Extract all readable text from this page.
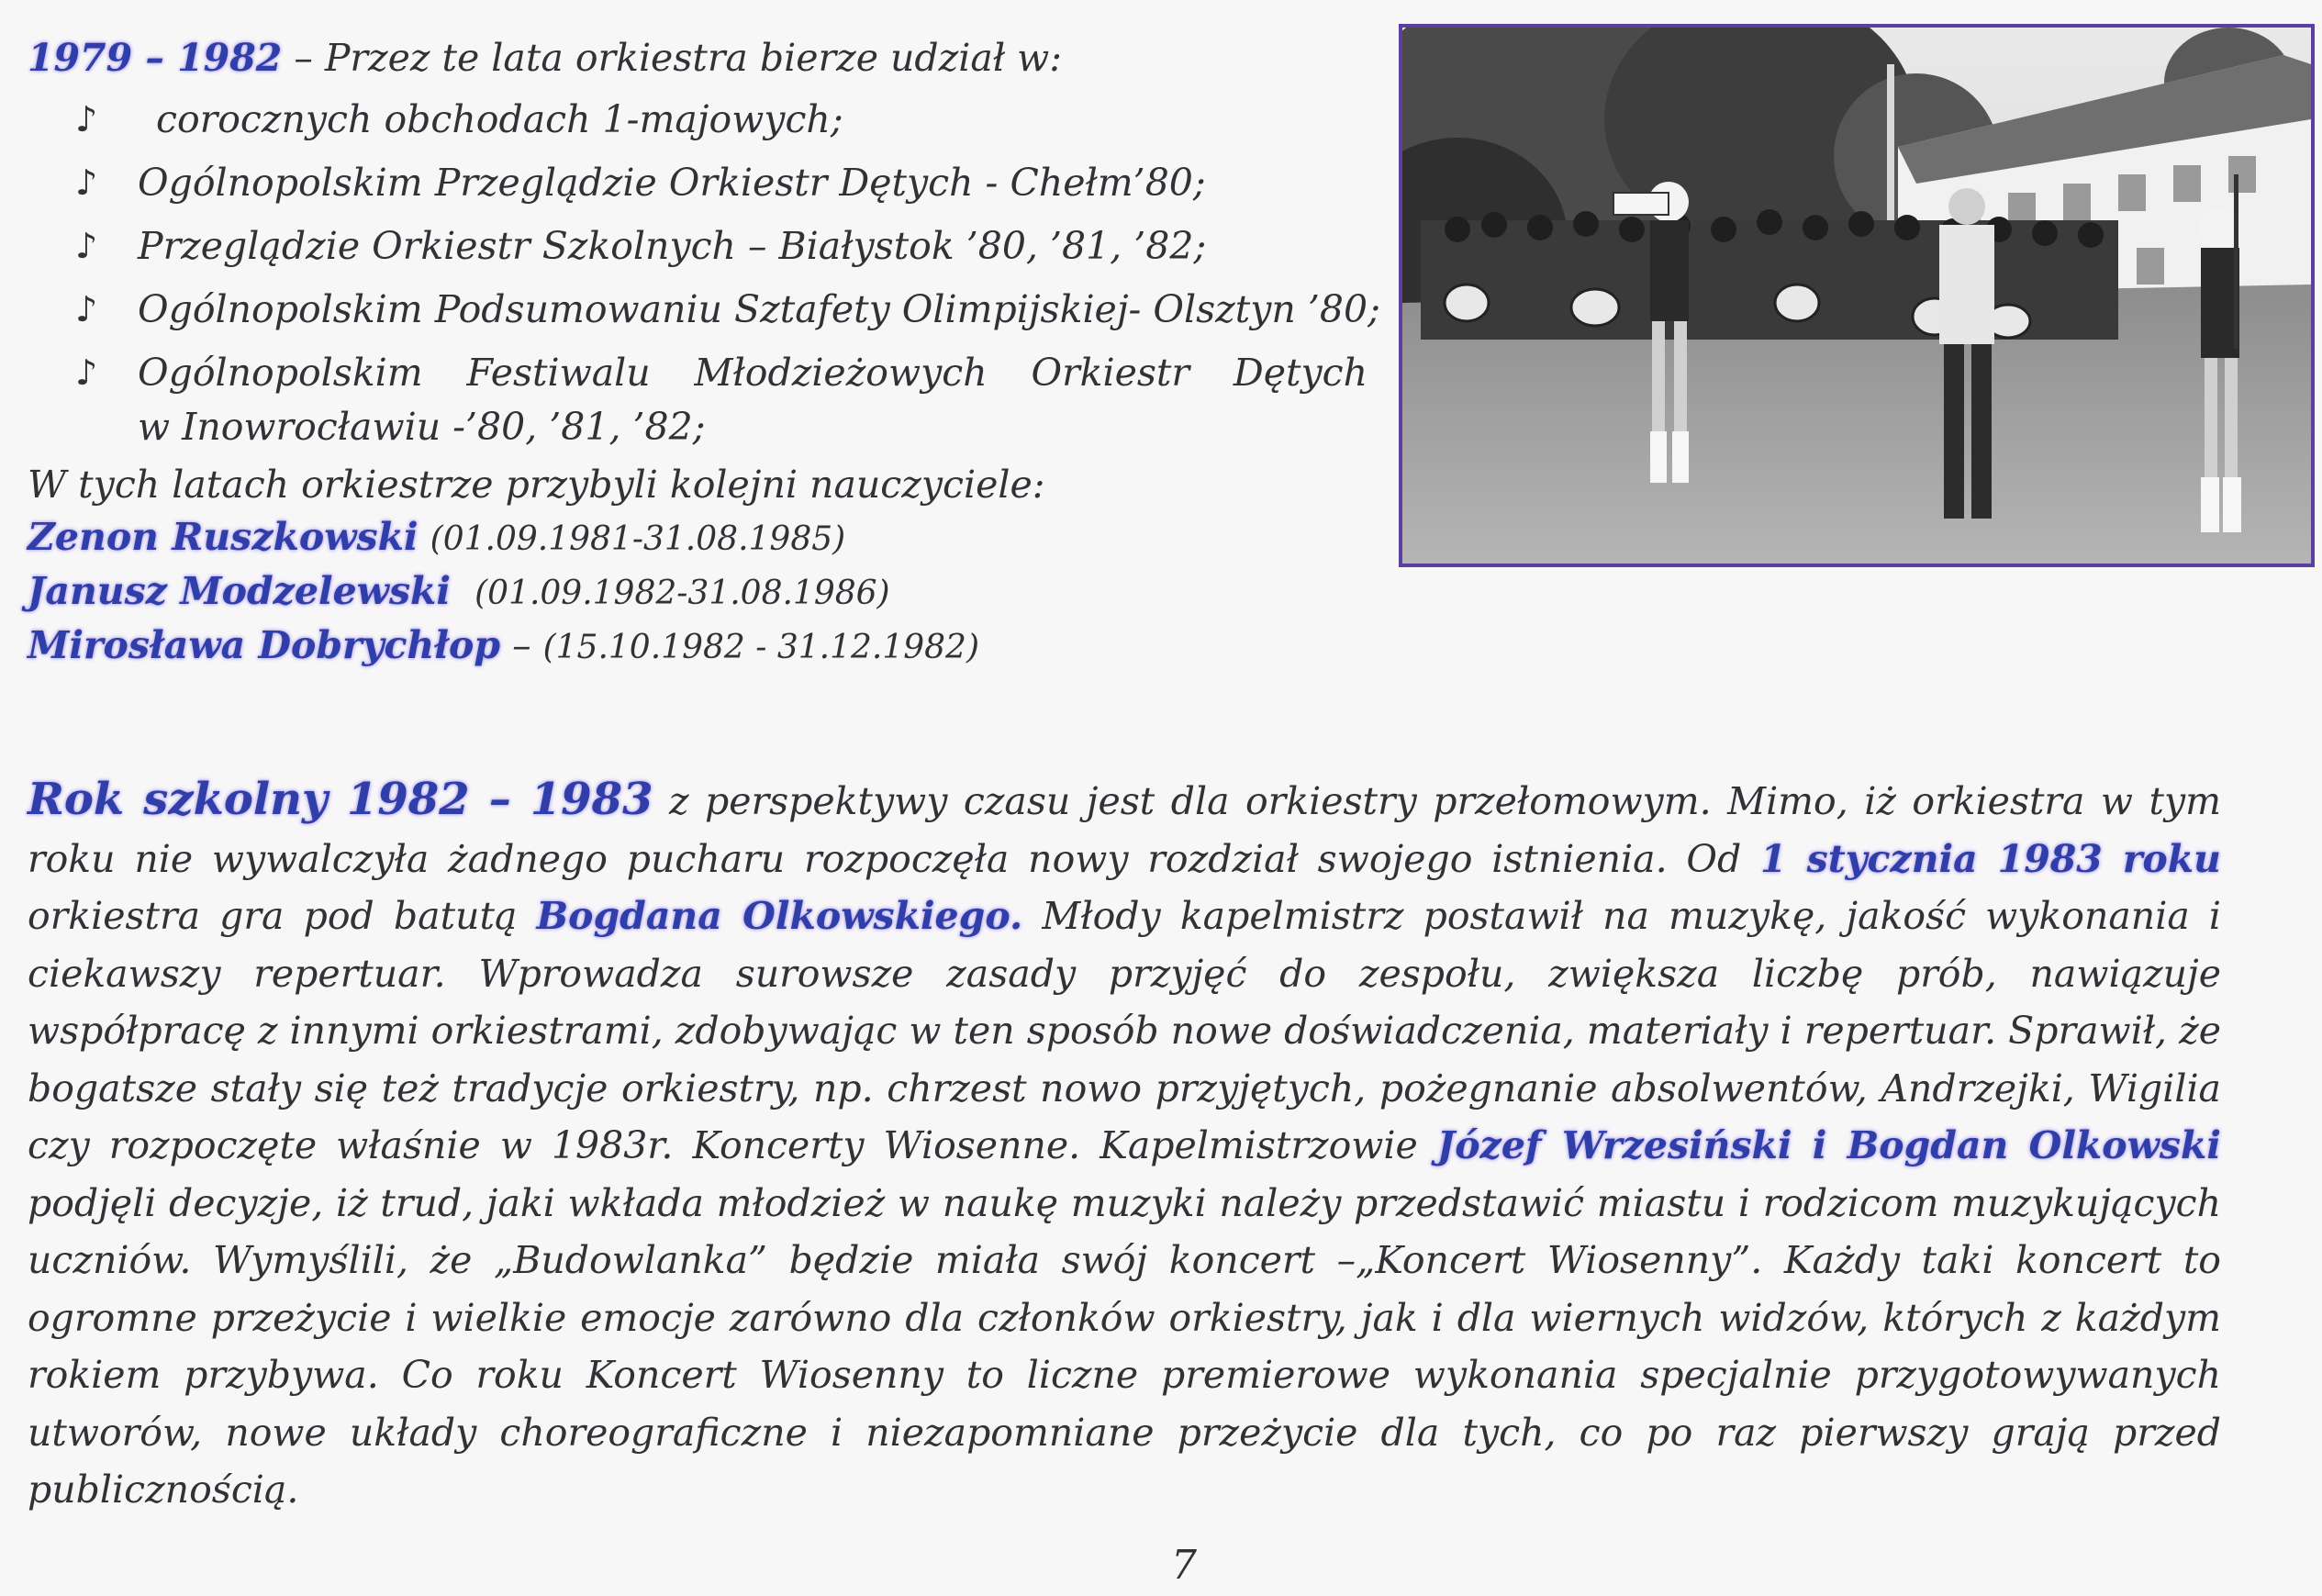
1979 – 1982 – Przez te lata orkiestra bierze udział w:

♪ corocznych obchodach 1-majowych;
♪ Ogólnopolskim Przeglądzie Orkiestr Dętych - Chełm’80;
♪ Przeglądzie Orkiestr Szkolnych – Białystok ’80, ’81, ’82;
♪ Ogólnopolskim Podsumowaniu Sztafety Olimpijskiej- Olsztyn ’80;
♪ Ogólnopolskim Festiwalu Młodzieżowych Orkiestr Dętych
w Inowrocławiu -’80, ’81, ’82;

W tych latach orkiestrze przybyli kolejni nauczyciele:

Zenon Ruszkowski (01.09.1981-31.08.1985)

Janusz Modzelewski (01.09.1982-31.08.1986)

Mirosława Dobrychłop – (15.10.1982 - 31.12.1982)

Rok szkolny 1982 – 1983 z perspektywy czasu jest dla orkiestry przełomowym. Mimo, iż orkiestra w tym roku nie wywalczyła żadnego pucharu rozpoczęła nowy rozdział swojego istnienia. Od 1 stycznia 1983 roku orkiestra gra pod batutą Bogdana Olkowskiego. Młody kapelmistrz postawił na muzykę, jakość wykonania i ciekawszy repertuar. Wprowadza surowsze zasady przyjęć do zespołu, zwiększa liczbę prób, nawiązuje współpracę z innymi orkiestrami, zdobywając w ten sposób nowe doświadczenia, materiały i repertuar. Sprawił, że bogatsze stały się też tradycje orkiestry, np. chrzest nowo przyjętych, pożegnanie absolwentów, Andrzejki, Wigilia czy rozpoczęte właśnie w 1983r. Koncerty Wiosenne. Kapelmistrzowie Józef Wrzesiński i Bogdan Olkowski podjęli decyzje, iż trud, jaki wkłada młodzież w naukę muzyki należy przedstawić miastu i rodzicom muzykujących uczniów. Wymyślili, że „Budowlanka” będzie miała swój koncert –„Koncert Wiosenny”. Każdy taki koncert to ogromne przeżycie i wielkie emocje zarówno dla członków orkiestry, jak i dla wiernych widzów, których z każdym rokiem przybywa. Co roku Koncert Wiosenny to liczne premierowe wykonania specjalnie przygotowywanych utworów, nowe układy choreograficzne i niezapomniane przeżycie dla tych, co po raz pierwszy grają przed publicznością.

7
